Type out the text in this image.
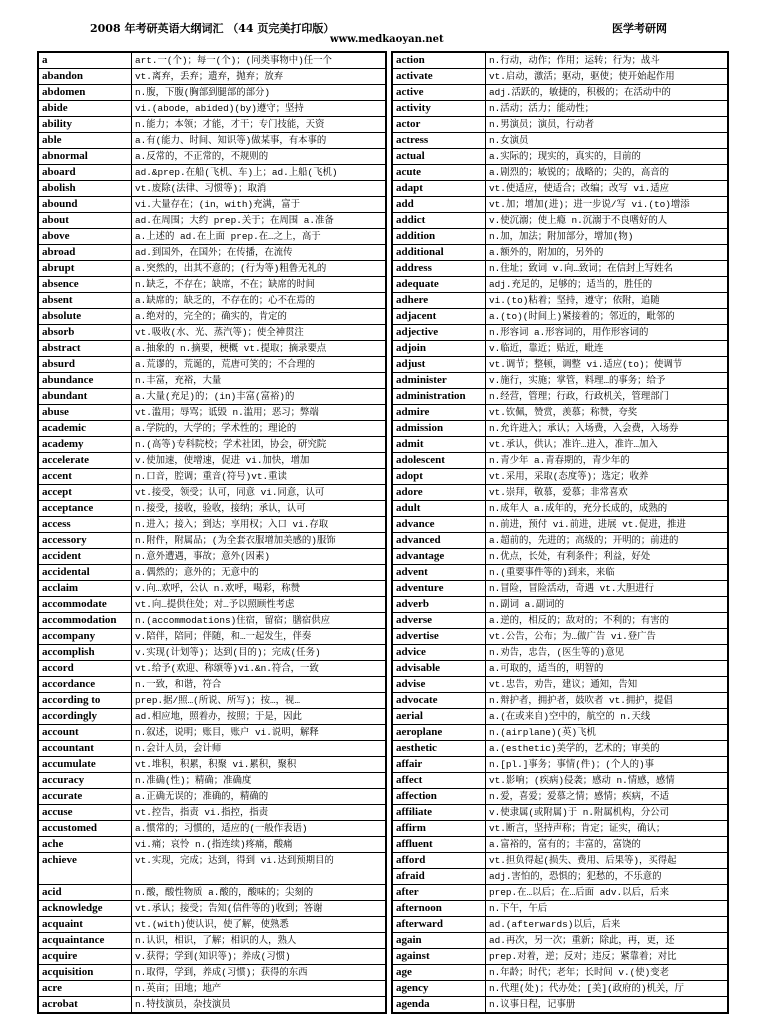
2008 年考研英语大纲词汇 （44 页完美打印版）
www.medkaoyan.net
医学考研网
a	art.一(个)；每一(个)；(同类事物中)任一个
abandon	vt.离弃，丢弃；遗弃，抛弃；放弃
abdomen	n.腹，下腹(胸部到腿部的部分)
abide	vi.(abode，abided)(by)遵守；坚持
ability	n.能力；本领；才能，才干；专门技能，天资
able	a.有(能力、时间、知识等)做某事，有本事的
abnormal	a.反常的，不正常的，不规则的
aboard	ad.&prep.在船(飞机、车)上；ad.上船(飞机)
abolish	vt.废除(法律、习惯等)；取消
abound	vi.大量存在；(in，with)充满，富于
about	ad.在周围；大约 prep.关于；在周围 a.准备
above	a.上述的 ad.在上面 prep.在…之上，高于
abroad	ad.到国外，在国外；在传播，在流传
abrupt	a.突然的，出其不意的；(行为等)粗鲁无礼的
absence	n.缺乏，不存在；缺席，不在；缺席的时间
absent	a.缺席的；缺乏的，不存在的；心不在焉的
absolute	a.绝对的，完全的；确实的，肯定的
absorb	vt.吸收(水、光、蒸汽等)；使全神贯注
abstract	a.抽象的 n.摘要，梗概 vt.提取；摘录要点
absurd	a.荒谬的，荒诞的，荒唐可笑的；不合理的
abundance	n.丰富，充裕，大量
abundant	a.大量(充足)的；(in)丰富(富裕)的
abuse	vt.滥用；辱骂；诋毁 n.滥用；恶习；弊端
academic	a.学院的，大学的；学术性的；理论的
academy	n.(高等)专科院校；学术社团，协会，研究院
accelerate	v.使加速，使增速，促进 vi.加快，增加
accent	n.口音，腔调；重音(符号)vt.重读
accept	vt.接受，领受；认可，同意 vi.同意，认可
acceptance	n.接受，接收，验收，接纳；承认，认可
access	n.进入；接入；到达；享用权；入口 vi.存取
accessory	n.附件，附属品；(为全套衣服增加美感的)服饰
accident	n.意外遭遇，事故；意外(因素)
accidental	a.偶然的；意外的；无意中的
acclaim	v.向…欢呼，公认 n.欢呼，喝彩，称赞
accommodate	vt.向…提供住处；对…予以照顾性考虑
accommodation	n.(accommodations)住宿，留宿；膳宿供应
accompany	v.陪伴，陪同；伴随，和…一起发生，伴奏
accomplish	v.实现(计划等)；达到(目的)；完成(任务)
accord	vt.给予(欢迎、称颂等)vi.&n.符合，一致
accordance	n.一致，和谐，符合
according to	prep.据/照…(所说、所写)；按…，视…
accordingly	ad.相应地，照着办，按照；于是，因此
account	n.叙述，说明；账目，账户 vi.说明，解释
accountant	n.会计人员，会计师
accumulate	vt.堆积，积累，积聚 vi.累积，聚积
accuracy	n.准确(性)；精确；准确度
accurate	a.正确无误的；准确的，精确的
accuse	vt.控告，指责 vi.指控，指责
accustomed	a.惯常的；习惯的，适应的(一般作表语)
ache	vi.痛；哀怜 n.(指连续)疼痛，酸痛
achieve	vt.实现，完成；达到，得到 vi.达到预期目的
acid	n.酸，酸性物质 a.酸的，酸味的；尖刻的
acknowledge	vt.承认；接受；告知(信件等的)收到；答谢
acquaint	vt.(with)使认识，使了解，使熟悉
acquaintance	n.认识，相识，了解；相识的人，熟人
acquire	v.获得；学到(知识等)；养成(习惯)
acquisition	n.取得，学到，养成(习惯)；获得的东西
acre	n.英亩；田地；地产
acrobat	n.特技演员，杂技演员
action	n.行动，动作；作用；运转；行为；战斗
activate	vt.启动，激活；驱动，驱使；使开始起作用
active	adj.活跃的，敏捷的，积极的；在活动中的
activity	n.活动；活力；能动性；
actor	n.男演员；演员，行动者
actress	n.女演员
actual	a.实际的；现实的，真实的，目前的
acute	a.剧烈的；敏锐的；战略的；尖的，高音的
adapt	vt.使适应，使适合；改编；改写 vi.适应
add	vt.加；增加(进)；进一步说/写 vi.(to)增添
addict	v.使沉溺；使上瘾 n.沉溺于不良嗜好的人
addition	n.加，加法；附加部分，增加(物)
additional	a.额外的，附加的，另外的
address	n.住址；致词 v.向…致词；在信封上写姓名
adequate	adj.充足的，足够的；适当的，胜任的
adhere	vi.(to)粘着；坚持，遵守；依附，追随
adjacent	a.(to)(时间上)紧接着的；邻近的，毗邻的
adjective	n.形容词 a.形容词的，用作形容词的
adjoin	v.临近，靠近；贴近，毗连
adjust	vt.调节；整顿，调整 vi.适应(to)；使调节
administer	v.施行，实施；掌管，料理…的事务；给予
administration	n.经营，管理；行政，行政机关，管理部门
admire	vt.钦佩，赞赏，羡慕；称赞，夸奖
admission	n.允许进入；承认；入场费，入会费，入场券
admit	vt.承认，供认；准许…进入，准许…加入
adolescent	n.青少年 a.青春期的，青少年的
adopt	vt.采用，采取(态度等)；选定；收养
adore	vt.崇拜，敬慕，爱慕；非常喜欢
adult	n.成年人 a.成年的，充分长成的，成熟的
advance	n.前进，预付 vi.前进，进展 vt.促进，推进
advanced	a.超前的，先进的；高级的；开明的；前进的
advantage	n.优点，长处，有利条件；利益，好处
advent	n.(重要事件等的)到来，来临
adventure	n.冒险，冒险活动，奇遇 vt.大胆进行
adverb	n.副词 a.副词的
adverse	a.逆的，相反的；敌对的；不利的；有害的
advertise	vt.公告，公布；为…做广告 vi.登广告
advice	n.劝告，忠告，(医生等的)意见
advisable	a.可取的，适当的，明智的
advise	vt.忠告，劝告，建议；通知，告知
advocate	n.辩护者，拥护者，鼓吹者 vt.拥护，提倡
aerial	a.(在或来自)空中的，航空的 n.天线
aeroplane	n.(airplane)(英)飞机
aesthetic	a.(esthetic)美学的，艺术的；审美的
affair	n.[pl.]事务；事情(件)；(个人的)事
affect	vt.影响；(疾病)侵袭；感动 n.情感，感情
affection	n.爱，喜爱；爱慕之情；感情；疾病，不适
affiliate	v.使隶属(或附属)于 n.附属机构，分公司
affirm	vt.断言，坚持声称；肯定；证实，确认；
affluent	a.富裕的，富有的；丰富的，富饶的
afford	vt.担负得起(损失、费用、后果等)，买得起
afraid	adj.害怕的，恐惧的；犯愁的，不乐意的
after	prep.在…以后；在…后面 adv.以后，后来
afternoon	n.下午，午后
afterward	ad.(afterwards)以后，后来
again	ad.再次，另一次；重新；除此，再，更，还
against	prep.对着，逆；反对；违反；紧靠着；对比
age	n.年龄；时代；老年；长时间 v.(使)变老
agency	n.代理(处)；代办处；[美](政府的)机关，厅
agenda	n.议事日程，记事册
